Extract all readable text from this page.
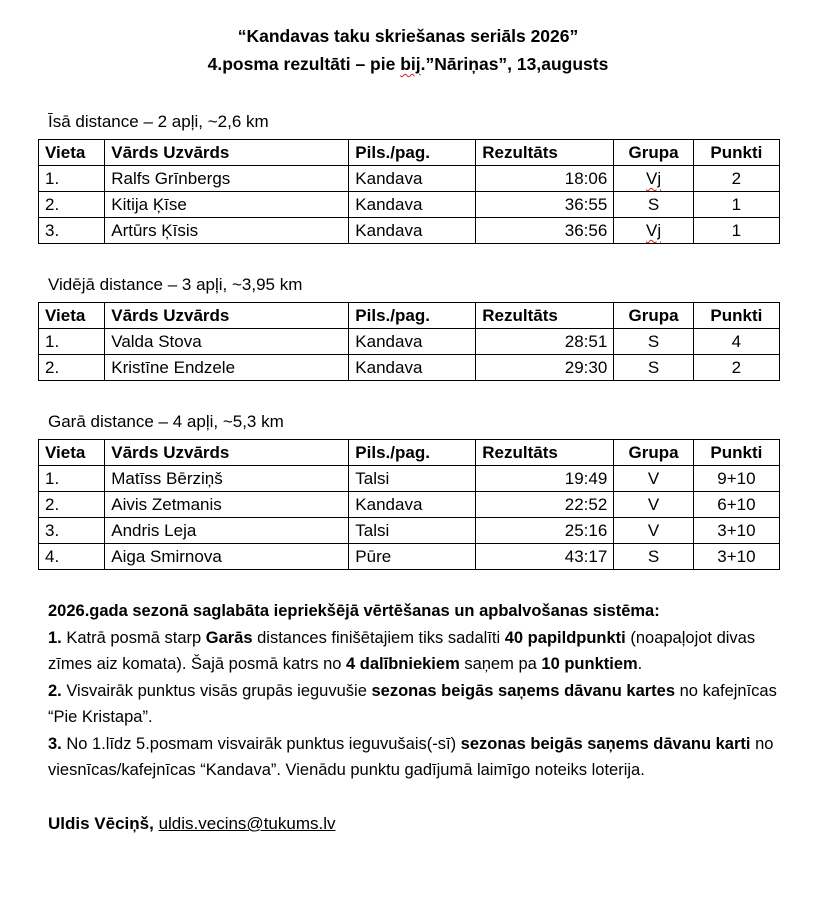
“Kandavas taku skriešanas seriāls 2026”
4.posma rezultāti – pie bij.”Nāriņas”, 13,augusts
Īsā distance – 2 apļi, ~2,6 km
Vieta	Vārds Uzvārds	Pils./pag.	Rezultāts	Grupa	Punkti
1.	Ralfs Grīnbergs	Kandava	18:06	Vj	2
2.	Kitija Ķīse	Kandava	36:55	S	1
3.	Artūrs Ķīsis	Kandava	36:56	Vj	1
Vidējā distance – 3 apļi, ~3,95 km
Vieta	Vārds Uzvārds	Pils./pag.	Rezultāts	Grupa	Punkti
1.	Valda Stova	Kandava	28:51	S	4
2.	Kristīne Endzele	Kandava	29:30	S	2
Garā distance – 4 apļi, ~5,3 km
Vieta	Vārds Uzvārds	Pils./pag.	Rezultāts	Grupa	Punkti
1.	Matīss Bērziņš	Talsi	19:49	V	9+10
2.	Aivis Zetmanis	Kandava	22:52	V	6+10
3.	Andris Leja	Talsi	25:16	V	3+10
4.	Aiga Smirnova	Pūre	43:17	S	3+10

2026.gada sezonā saglabāta iepriekšējā vērtēšanas un apbalvošanas sistēma:

1. Katrā posmā starp Garās distances finišētajiem tiks sadalīti 40 papildpunkti (noapaļojot divas zīmes aiz komata). Šajā posmā katrs no 4 dalībniekiem saņem pa 10 punktiem.

2. Visvairāk punktus visās grupās ieguvušie sezonas beigās saņems dāvanu kartes no kafejnīcas “Pie Kristapa”.

3. No 1.līdz 5.posmam visvairāk punktus ieguvušais(-sī) sezonas beigās saņems dāvanu karti no viesnīcas/kafejnīcas “Kandava”. Vienādu punktu gadījumā laimīgo noteiks loterija.

Uldis Vēciņš, uldis.vecins@tukums.lv
